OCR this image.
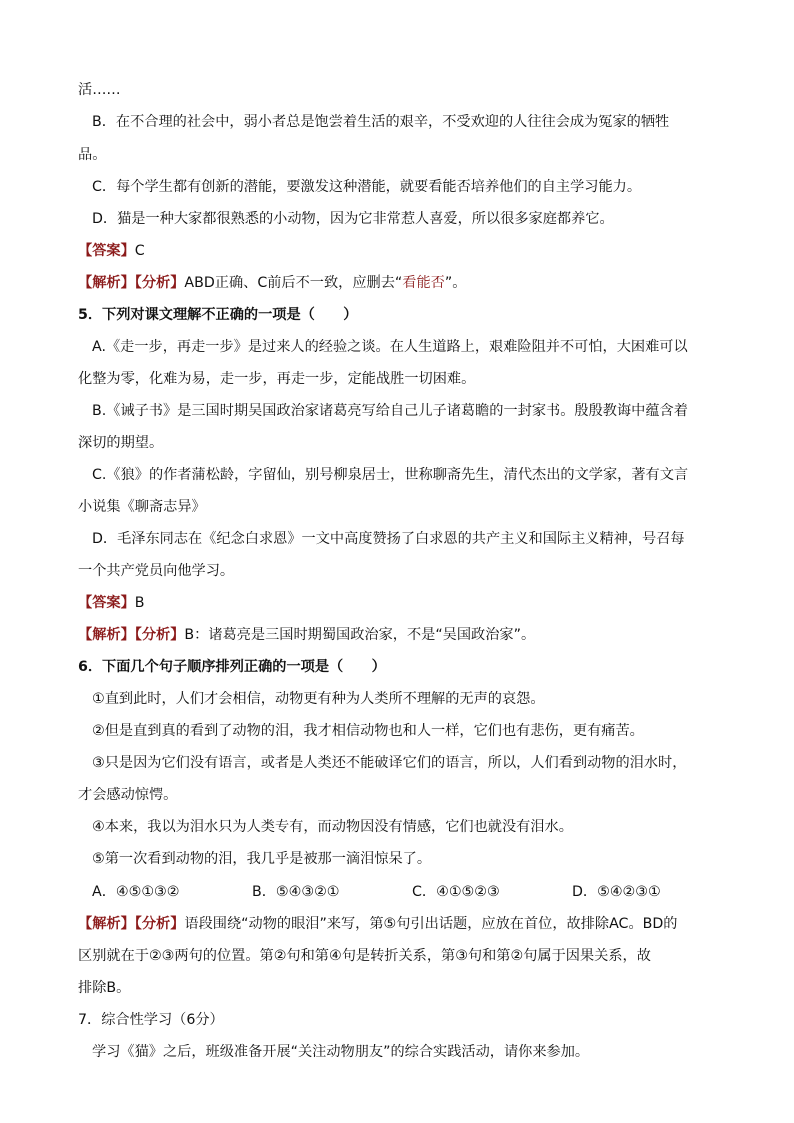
活……
B．在不合理的社会中，弱小者总是饱尝着生活的艰辛，不受欢迎的人往往会成为冤家的牺牲
品。
C．每个学生都有创新的潜能，要激发这种潜能，就要看能否培养他们的自主学习能力。
D．猫是一种大家都很熟悉的小动物，因为它非常惹人喜爱，所以很多家庭都养它。
【答案】C
【解析】【分析】ABD正确、C前后不一致，应删去“看能否”。
5．下列对课文理解不正确的一项是（　　）
A.《走一步，再走一步》是过来人的经验之谈。在人生道路上，艰难险阻并不可怕，大困难可以
化整为零，化难为易，走一步，再走一步，定能战胜一切困难。
B.《诫子书》是三国时期吴国政治家诸葛亮写给自己儿子诸葛瞻的一封家书。殷殷教诲中蕴含着
深切的期望。
C.《狼》的作者蒲松龄，字留仙，别号柳泉居士，世称聊斋先生，清代杰出的文学家，著有文言
小说集《聊斋志异》
D．毛泽东同志在《纪念白求恩》一文中高度赞扬了白求恩的共产主义和国际主义精神，号召每
一个共产党员向他学习。
【答案】B
【解析】【分析】B：诸葛亮是三国时期蜀国政治家，不是“吴国政治家”。
6．下面几个句子顺序排列正确的一项是（　　）
①直到此时，人们才会相信，动物更有种为人类所不理解的无声的哀怨。
②但是直到真的看到了动物的泪，我才相信动物也和人一样，它们也有悲伤，更有痛苦。
③只是因为它们没有语言，或者是人类还不能破译它们的语言，所以，人们看到动物的泪水时，
才会感动惊愕。
④本来，我以为泪水只为人类专有，而动物因没有情感，它们也就没有泪水。
⑤第一次看到动物的泪，我几乎是被那一滴泪惊呆了。
A．④⑤①③②	B．⑤④③②①	C．④①⑤②③	D．⑤④②③①
【解析】【分析】语段围绕“动物的眼泪”来写，第⑤句引出话题，应放在首位，故排除AC。BD的
区别就在于②③两句的位置。第②句和第④句是转折关系，第③句和第②句属于因果关系，故
排除B。
7．综合性学习（6分）
学习《猫》之后，班级准备开展“关注动物朋友”的综合实践活动，请你来参加。
